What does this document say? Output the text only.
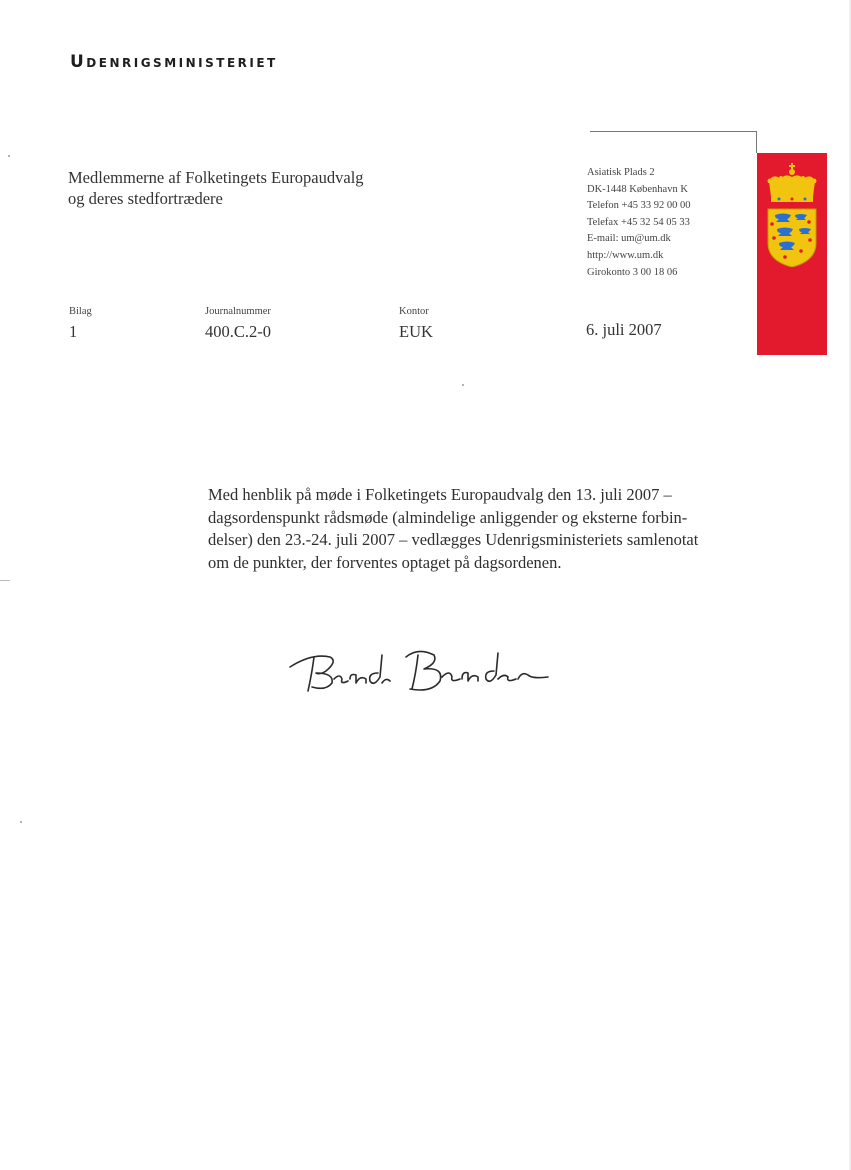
Udenrigsministeriet
Medlemmerne af Folketingets Europaudvalg
og deres stedfortrædere
Asiatisk Plads 2
DK-1448 København K
Telefon +45 33 92 00 00
Telefax +45 32 54 05 33
E-mail: um@um.dk
http://www.um.dk
Girokonto 3 00 18 06
Bilag
1
Journalnummer
400.C.2-0
Kontor
EUK	6. juli 2007
Med henblik på møde i Folketingets Europaudvalg den 13. juli 2007 –
dagsordenspunkt rådsmøde (almindelige anliggender og eksterne forbin-
delser) den 23.-24. juli 2007 – vedlægges Udenrigsministeriets samlenotat
om de punkter, der forventes optaget på dagsordenen.
